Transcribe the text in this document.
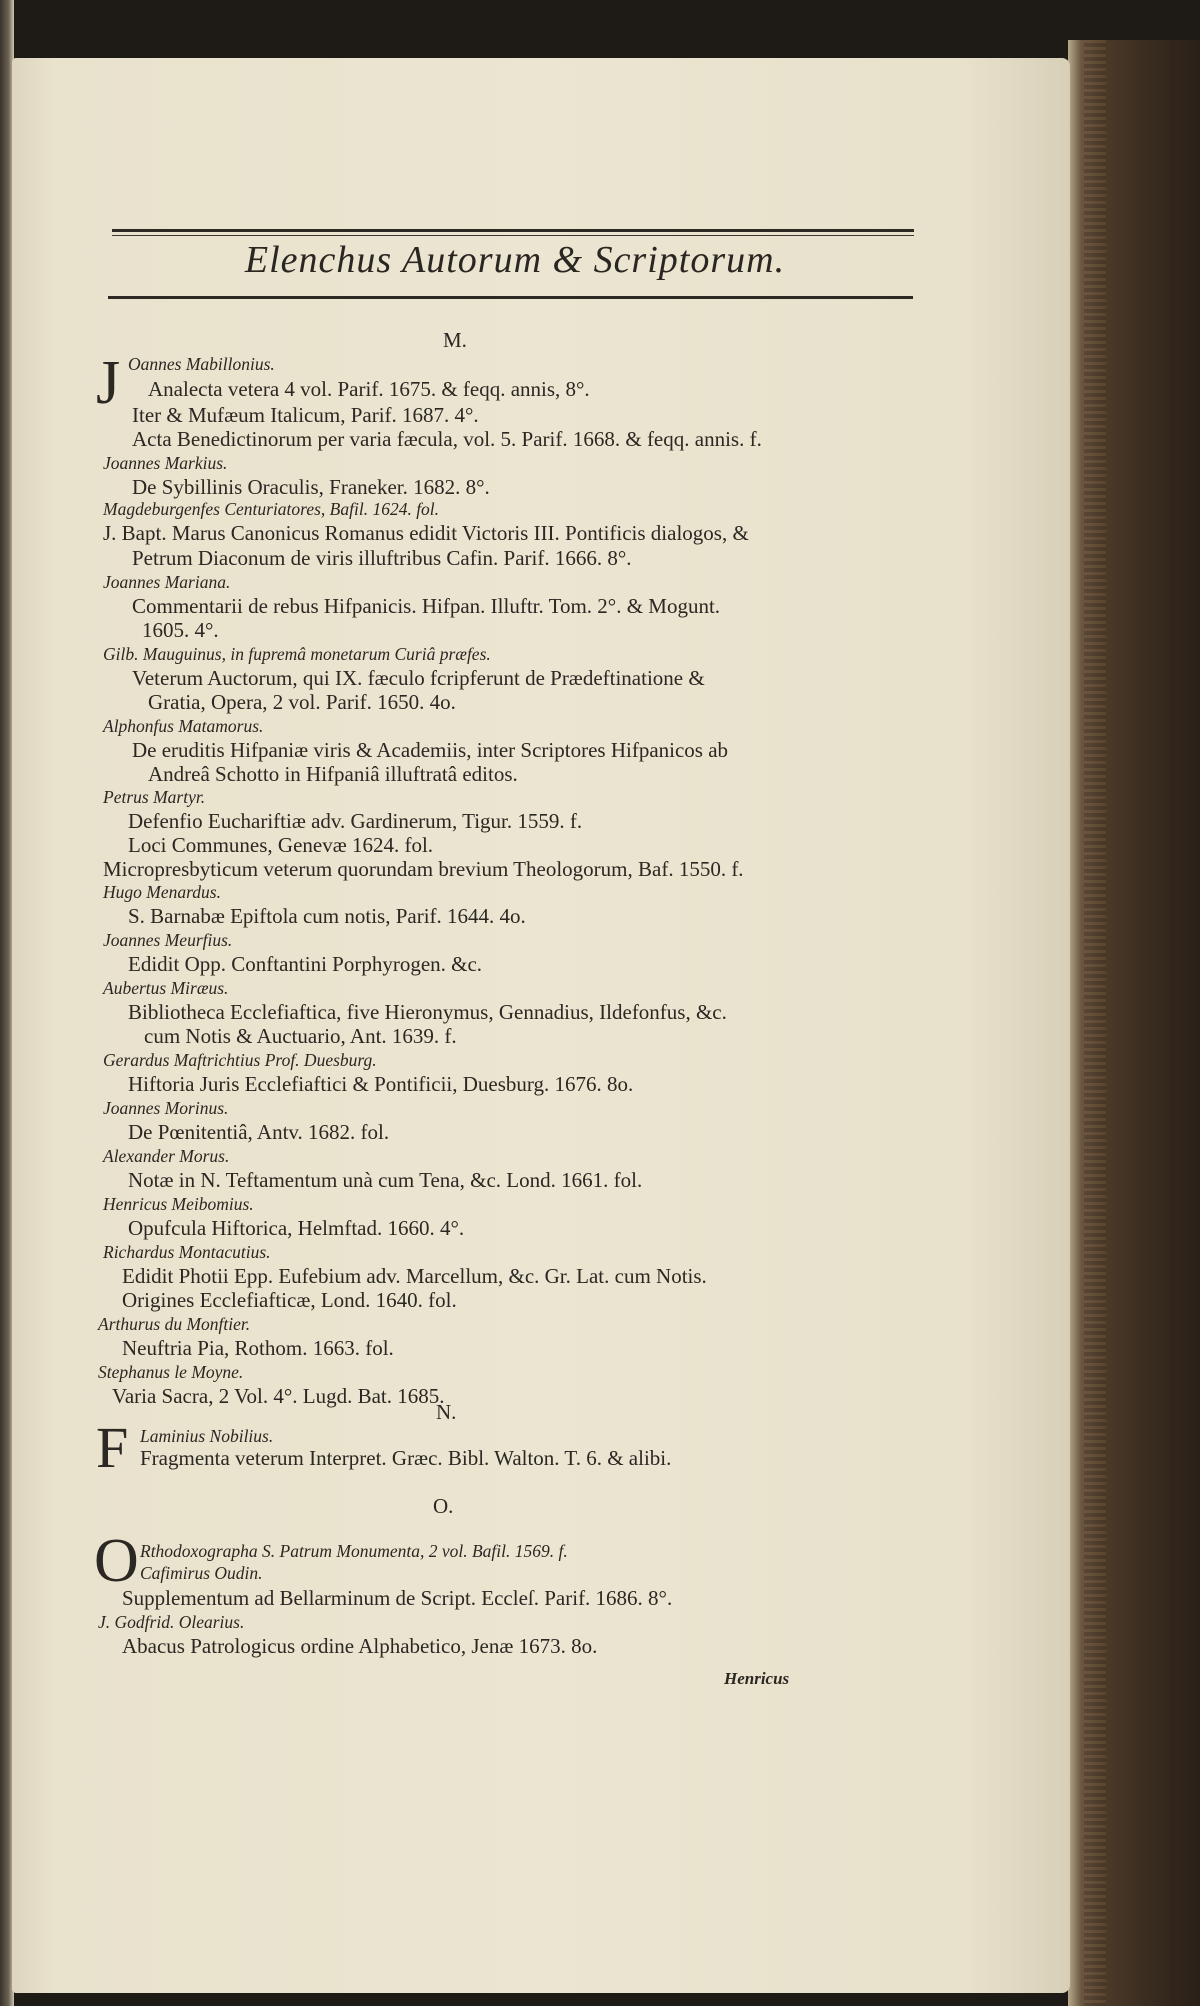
Elenchus Autorum & Scriptorum.
M.
J Oannes Mabillonius.
Analecta vetera 4 vol. Parif. 1675. & feqq. annis, 8°.
Iter & Mufæum Italicum, Parif. 1687. 4°.
Acta Benedictinorum per varia fæcula, vol. 5. Parif. 1668. & feqq. annis. f.
Joannes Markius.
De Sybillinis Oraculis, Franeker. 1682. 8°.
Magdeburgenfes Centuriatores, Bafil. 1624. fol.
J. Bapt. Marus Canonicus Romanus edidit Victoris III. Pontificis dialogos, &
Petrum Diaconum de viris illuftribus Cafin. Parif. 1666. 8°.
Joannes Mariana.
Commentarii de rebus Hifpanicis. Hifpan. Illuftr. Tom. 2°. & Mogunt.
1605. 4°.
Gilb. Mauguinus, in fupremâ monetarum Curiâ præfes.
Veterum Auctorum, qui IX. fæculo fcripferunt de Prædeftinatione &
Gratia, Opera, 2 vol. Parif. 1650. 4o.
Alphonfus Matamorus.
De eruditis Hifpaniæ viris & Academiis, inter Scriptores Hifpanicos ab
Andreâ Schotto in Hifpaniâ illuftratâ editos.
Petrus Martyr.
Defenfio Euchariftiæ adv. Gardinerum, Tigur. 1559. f.
Loci Communes, Genevæ 1624. fol.
Micropresbyticum veterum quorundam brevium Theologorum, Baf. 1550. f.
Hugo Menardus.
S. Barnabæ Epiftola cum notis, Parif. 1644. 4o.
Joannes Meurfius.
Edidit Opp. Conftantini Porphyrogen. &c.
Aubertus Miræus.
Bibliotheca Ecclefiaftica, five Hieronymus, Gennadius, Ildefonfus, &c.
cum Notis & Auctuario, Ant. 1639. f.
Gerardus Maftrichtius Prof. Duesburg.
Hiftoria Juris Ecclefiaftici & Pontificii, Duesburg. 1676. 8o.
Joannes Morinus.
De Pœnitentiâ, Antv. 1682. fol.
Alexander Morus.
Notæ in N. Teftamentum unà cum Tena, &c. Lond. 1661. fol.
Henricus Meibomius.
Opufcula Hiftorica, Helmftad. 1660. 4°.
Richardus Montacutius.
Edidit Photii Epp. Eufebium adv. Marcellum, &c. Gr. Lat. cum Notis.
Origines Ecclefiafticæ, Lond. 1640. fol.
Arthurus du Monftier.
Neuftria Pia, Rothom. 1663. fol.
Stephanus le Moyne.
Varia Sacra, 2 Vol. 4°. Lugd. Bat. 1685.
N.
F Laminius Nobilius.
Fragmenta veterum Interpret. Græc. Bibl. Walton. T. 6. & alibi.
O.
O Rthodoxographa S. Patrum Monumenta, 2 vol. Bafil. 1569. f.
Cafimirus Oudin.
Supplementum ad Bellarminum de Script. Eccleſ. Parif. 1686. 8°.
J. Godfrid. Olearius.
Abacus Patrologicus ordine Alphabetico, Jenæ 1673. 8o.
Henricus
